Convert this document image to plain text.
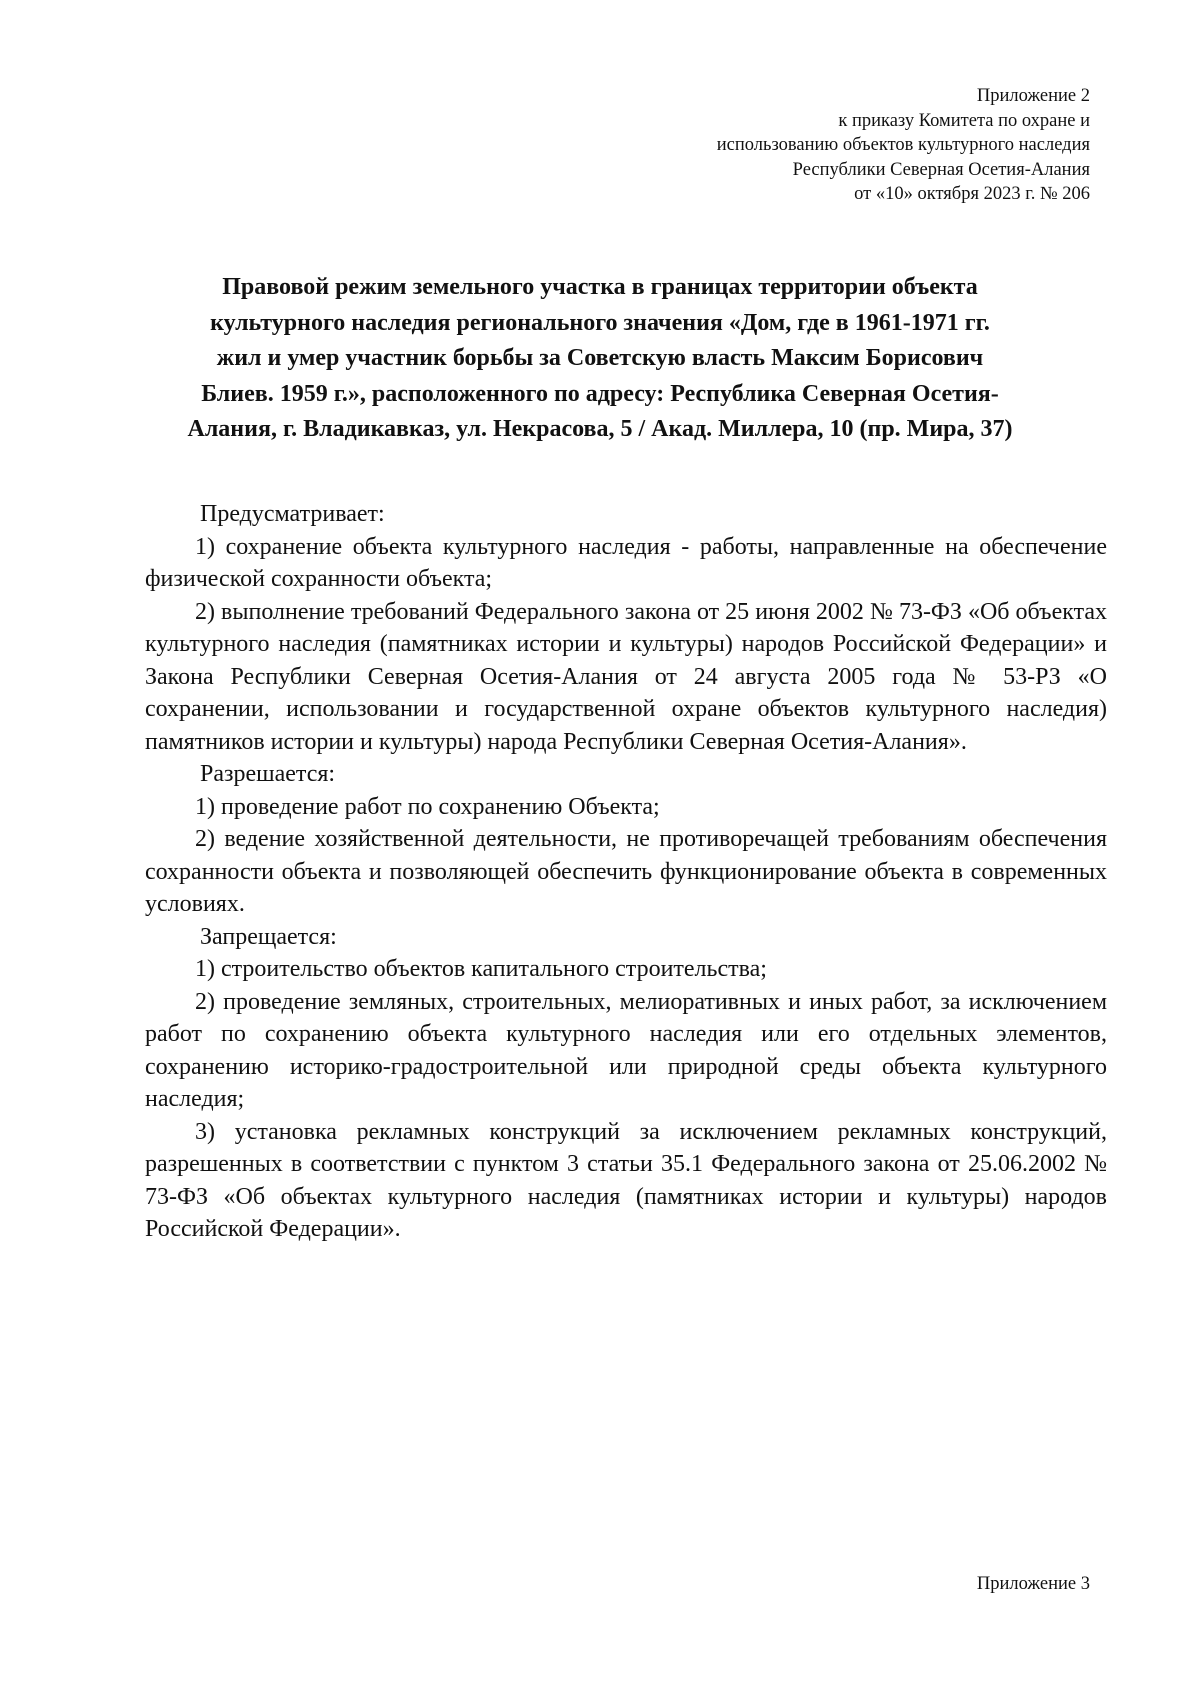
Приложение 2
к приказу Комитета по охране и
использованию объектов культурного наследия
Республики Северная Осетия-Алания
от «10» октября 2023 г. № 206
Правовой режим земельного участка в границах территории объекта
культурного наследия регионального значения «Дом, где в 1961-1971 гг.
жил и умер участник борьбы за Советскую власть Максим Борисович
Блиев. 1959 г.», расположенного по адресу: Республика Северная Осетия-
Алания, г. Владикавказ, ул. Некрасова, 5 / Акад. Миллера, 10 (пр. Мира, 37)

Предусматривает:

1) сохранение объекта культурного наследия - работы, направленные на обеспечение физической сохранности объекта;

2) выполнение требований Федерального закона от 25 июня 2002 № 73-ФЗ «Об объектах культурного наследия (памятниках истории и культуры) народов Российской Федерации» и Закона Республики Северная Осетия-Алания от 24 августа 2005 года № 53-РЗ «О сохранении, использовании и государственной охране объектов культурного наследия) памятников истории и культуры) народа Республики Северная Осетия-Алания».

Разрешается:

1) проведение работ по сохранению Объекта;

2) ведение хозяйственной деятельности, не противоречащей требованиям обеспечения сохранности объекта и позволяющей обеспечить функционирование объекта в современных условиях.

Запрещается:

1) строительство объектов капитального строительства;

2) проведение земляных, строительных, мелиоративных и иных работ, за исключением работ по сохранению объекта культурного наследия или его отдельных элементов, сохранению историко-градостроительной или природной среды объекта культурного наследия;

3) установка рекламных конструкций за исключением рекламных конструкций, разрешенных в соответствии с пунктом 3 статьи 35.1 Федерального закона от 25.06.2002 № 73-ФЗ «Об объектах культурного наследия (памятниках истории и культуры) народов Российской Федерации».

Приложение 3
